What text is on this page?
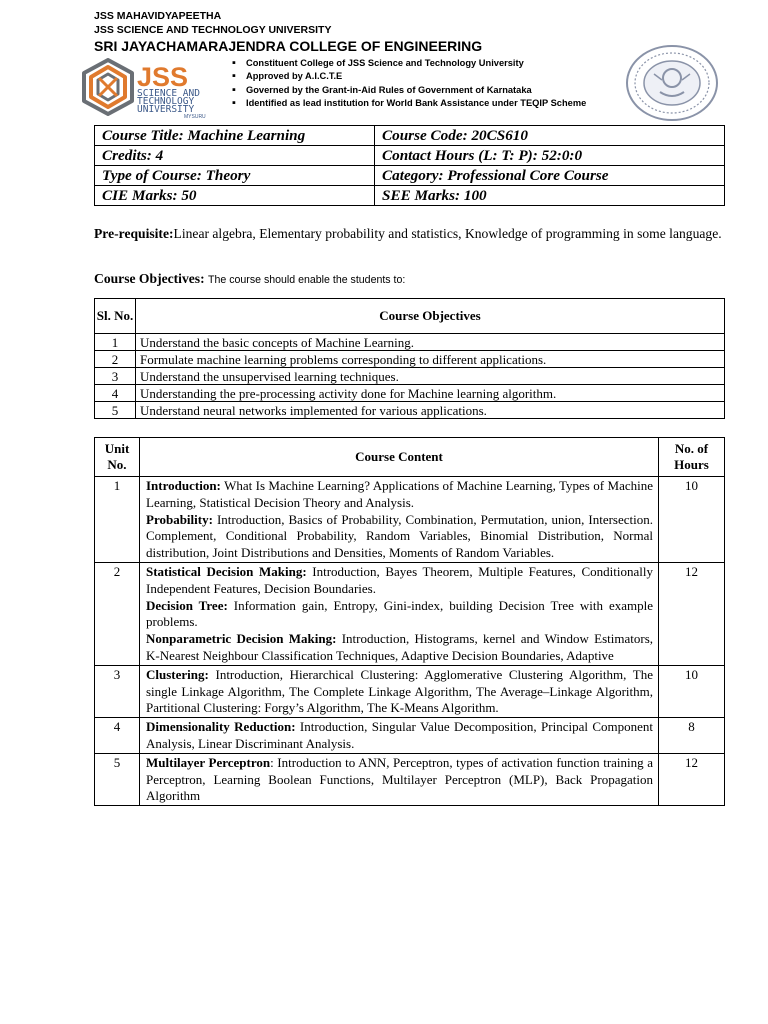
JSS MAHAVIDYAPEETHA
JSS SCIENCE AND TECHNOLOGY UNIVERSITY
SRI JAYACHAMARAJENDRA COLLEGE OF ENGINEERING
JSS
SCIENCE AND
TECHNOLOGY
UNIVERSITY
MYSURU
▪ Constituent College of JSS Science and Technology University
▪ Approved by A.I.C.T.E
▪ Governed by the Grant-in-Aid Rules of Government of Karnataka
▪ Identified as lead institution for World Bank Assistance under TEQIP Scheme
Course Title: Machine Learning	Course Code: 20CS610
Credits: 4	Contact Hours (L: T: P): 52:0:0
Type of Course: Theory	Category: Professional Core Course
CIE Marks: 50	SEE Marks: 100
Pre-requisite:Linear algebra, Elementary probability and statistics, Knowledge of programming in some language.
Course Objectives: The course should enable the students to:
Sl. No.	Course Objectives
1	Understand the basic concepts of Machine Learning.
2	Formulate machine learning problems corresponding to different applications.
3	Understand the unsupervised learning techniques.
4	Understanding the pre-processing activity done for Machine learning algorithm.
5	Understand neural networks implemented for various applications.
Unit No.	Course Content	No. of Hours
1	Introduction: What Is Machine Learning? Applications of Machine Learning, Types of Machine Learning, Statistical Decision Theory and Analysis.

Probability: Introduction, Basics of Probability, Combination, Permutation, union, Intersection. Complement, Conditional Probability, Random Variables, Binomial Distribution, Normal distribution, Joint Distributions and Densities, Moments of Random Variables.	10
2	Statistical Decision Making: Introduction, Bayes Theorem, Multiple Features, Conditionally Independent Features, Decision Boundaries.

Decision Tree: Information gain, Entropy, Gini-index, building Decision Tree with example problems.

Nonparametric Decision Making: Introduction, Histograms, kernel and Window Estimators, K-Nearest Neighbour Classification Techniques, Adaptive Decision Boundaries, Adaptive	12
3	Clustering: Introduction, Hierarchical Clustering: Agglomerative Clustering Algorithm, The single Linkage Algorithm, The Complete Linkage Algorithm, The Average–Linkage Algorithm, Partitional Clustering: Forgy’s Algorithm, The K-Means Algorithm.	10
4	Dimensionality Reduction: Introduction, Singular Value Decomposition, Principal Component Analysis, Linear Discriminant Analysis.	8
5	Multilayer Perceptron: Introduction to ANN, Perceptron, types of activation function training a Perceptron, Learning Boolean Functions, Multilayer Perceptron (MLP), Back Propagation Algorithm	12
